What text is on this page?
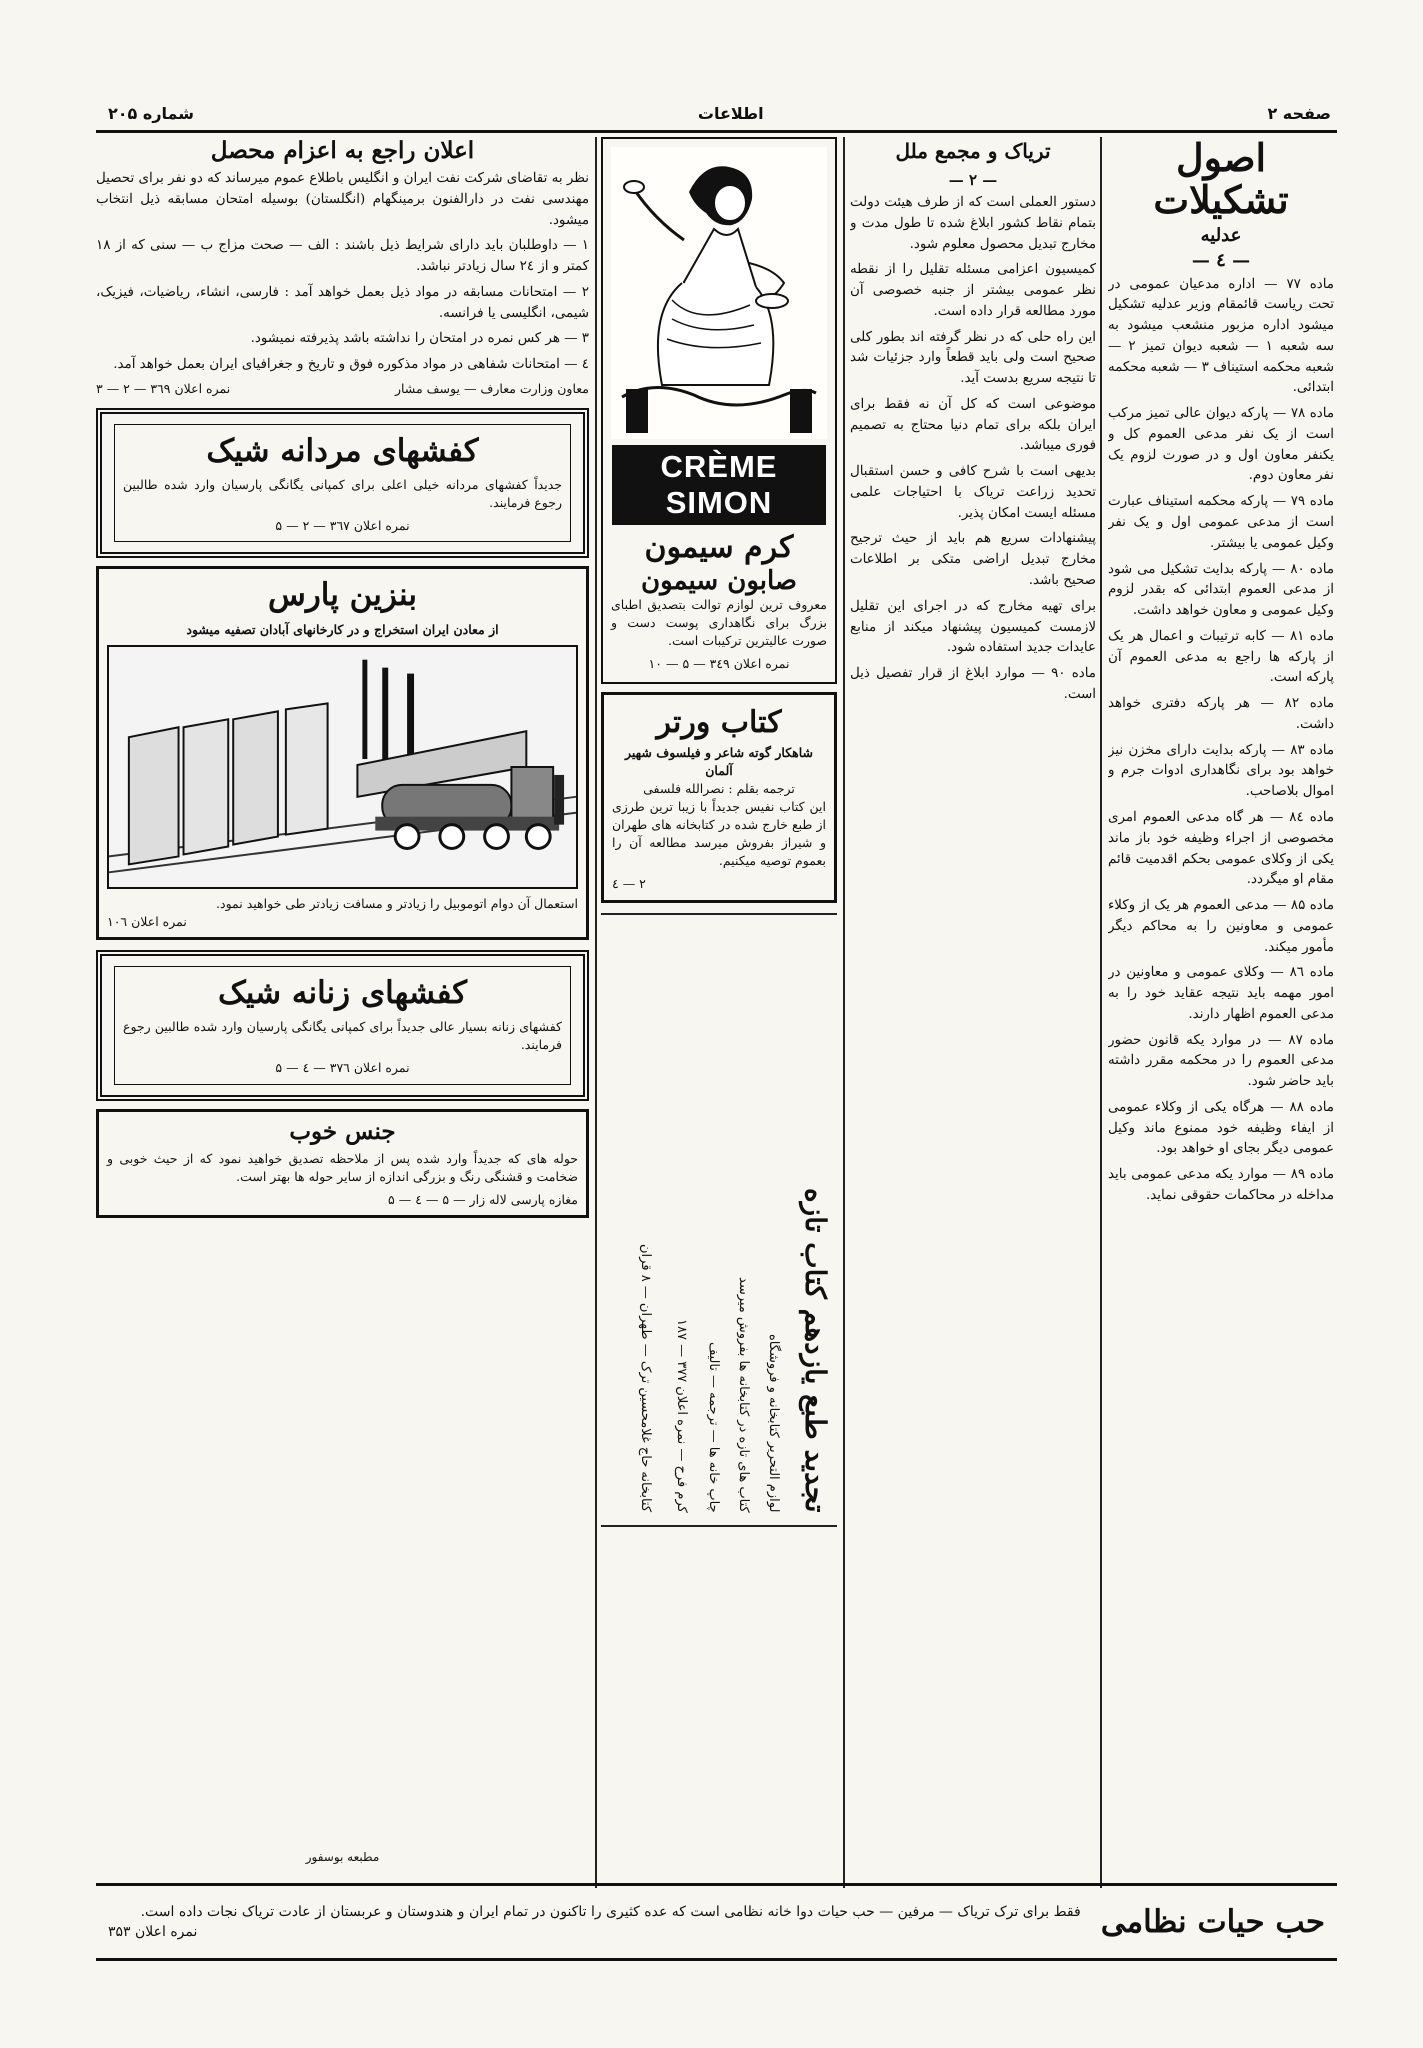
صفحه ۲
اطلاعات
شماره ۲۰۵
اصول تشکیلات
عدلیه
— ٤ —

ماده ۷۷ — اداره مدعیان عمومی در تحت ریاست قائمقام وزیر عدلیه تشکیل میشود اداره مزبور منشعب میشود به سه شعبه ۱ — شعبه دیوان تمیز ۲ — شعبه محکمه استیناف ۳ — شعبه محکمه ابتدائی.

ماده ۷۸ — پارکه دیوان عالی تمیز مرکب است از یک نفر مدعی العموم کل و یکنفر معاون اول و در صورت لزوم یک نفر معاون دوم.

ماده ۷۹ — پارکه محکمه استیناف عبارت است از مدعی عمومی اول و یک نفر وکیل عمومی یا بیشتر.

ماده ۸۰ — پارکه بدایت تشکیل می شود از مدعی العموم ابتدائی که بقدر لزوم وکیل عمومی و معاون خواهد داشت.

ماده ۸۱ — کابه ترتیبات و اعمال هر یک از پارکه ها راجع به مدعی العموم آن پارکه است.

ماده ۸۲ — هر پارکه دفتری خواهد داشت.

ماده ۸۳ — پارکه بدایت دارای مخزن نیز خواهد بود برای نگاهداری ادوات جرم و اموال بلاصاحب.

ماده ۸٤ — هر گاه مدعی العموم امری مخصوصی از اجراء وظیفه خود باز ماند یکی از وکلای عمومی بحکم اقدمیت قائم مقام او میگردد.

ماده ۸۵ — مدعی العموم هر یک از وکلاء عمومی و معاونین را به محاکم دیگر مأمور میکند.

ماده ۸٦ — وکلای عمومی و معاونین در امور مهمه باید نتیجه عقاید خود را به مدعی العموم اظهار دارند.

ماده ۸۷ — در موارد یکه قانون حضور مدعی العموم را در محکمه مقرر داشته باید حاضر شود.

ماده ۸۸ — هرگاه یکی از وکلاء عمومی از ایفاء وظیفه خود ممنوع ماند وکیل عمومی دیگر بجای او خواهد بود.

ماده ۸۹ — موارد یکه مدعی عمومی باید مداخله در محاکمات حقوقی نماید.

تریاک و مجمع ملل
— ۲ —

دستور العملی است که از طرف هیئت دولت بتمام نقاط کشور ابلاغ شده تا طول مدت و مخارج تبدیل محصول معلوم شود.

کمیسیون اعزامی مسئله تقلیل را از نقطه نظر عمومی بیشتر از جنبه خصوصی آن مورد مطالعه قرار داده است.

این راه حلی که در نظر گرفته اند بطور کلی صحیح است ولی باید قطعاً وارد جزئیات شد تا نتیجه سریع بدست آید.

موضوعی است که کل آن نه فقط برای ایران بلکه برای تمام دنیا محتاج به تصمیم فوری میباشد.

بدیهی است با شرح کافی و حسن استقبال تحدید زراعت تریاک با احتیاجات علمی مسئله ایست امکان پذیر.

پیشنهادات سریع هم باید از حیث ترجیح مخارج تبدیل اراضی متکی بر اطلاعات صحیح باشد.

برای تهیه مخارج که در اجرای این تقلیل لازمست کمیسیون پیشنهاد میکند از منابع عایدات جدید استفاده شود.

ماده ۹۰ — موارد ابلاغ از قرار تفصیل ذیل است.

CRÈME SIMON
کرم سیمون
صابون سیمون

معروف ترین لوازم توالت بتصدیق اطبای بزرگ برای نگاهداری پوست دست و صورت عالیترین ترکیبات است.

نمره اعلان ۳٤۹ — ۵ — ۱۰
کتاب ورتر
شاهکار گوته شاعر و فیلسوف شهیر آلمان
ترجمه بقلم : نصرالله فلسفی

این کتاب نفیس جدیداً با زیبا ترین طرزی از طبع خارج شده در کتابخانه های طهران و شیراز بفروش میرسد مطالعه آن را بعموم توصیه میکنیم.

۲ — ٤
تجدید طبع یازدهم کتاب تازه
لوازم التحریر کتابخانه و فروشگاه
کتاب های تازه در کتابخانه ها بفروش میرسد
چاپ خانه ها — ترجمه — تالیف
کرم فرح — نمره اعلان ۳۷۷ — ۱۸۷
کتابخانه حاج غلامحسین ترک — طهران — ۸ قران
اعلان راجع به اعزام محصل

نظر به تقاضای شرکت نفت ایران و انگلیس باطلاع عموم میرساند که دو نفر برای تحصیل مهندسی نفت در دارالفنون برمینگهام (انگلستان) بوسیله امتحان مسابقه ذیل انتخاب میشود.

۱ — داوطلبان باید دارای شرایط ذیل باشند : الف — صحت مزاج ب — سنی که از ۱۸ کمتر و از ۲٤ سال زیادتر نباشد.

۲ — امتحانات مسابقه در مواد ذیل بعمل خواهد آمد : فارسی، انشاء، ریاضیات، فیزیک، شیمی، انگلیسی یا فرانسه.

۳ — هر کس نمره در امتحان را نداشته باشد پذیرفته نمیشود.

٤ — امتحانات شفاهی در مواد مذکوره فوق و تاریخ و جغرافیای ایران بعمل خواهد آمد.

معاون وزارت معارف — یوسف مشار
نمره اعلان ۳٦۹ — ۲ — ۳
کفشهای مردانه شیک

جدیداً کفشهای مردانه خیلی اعلی برای کمپانی یگانگی پارسیان وارد شده طالبین رجوع فرمایند.

نمره اعلان ۳٦۷ — ۲ — ۵
بنزین پارس
از معادن ایران استخراج و در کارخانهای آبادان تصفیه میشود
استعمال آن دوام اتوموبیل را زیادتر و مسافت زیادتر طی خواهید نمود.
نمره اعلان ۱۰٦
کفشهای زنانه شیک

کفشهای زنانه بسیار عالی جدیداً برای کمپانی یگانگی پارسیان وارد شده طالبین رجوع فرمایند.

نمره اعلان ۳۷٦ — ٤ — ۵
جنس خوب

حوله های که جدیداً وارد شده پس از ملاحظه تصدیق خواهید نمود که از حیث خوبی و ضخامت و قشنگی رنگ و بزرگی اندازه از سایر حوله ها بهتر است.

مغازه پارسی لاله زار — ۵ — ٤ — ۵
مطبعه بوسفور
حب حیات نظامی
فقط برای ترک تریاک — مرفین — حب حیات دوا خانه نظامی است که عده کثیری را تاکنون در تمام ایران و هندوستان و عربستان از عادت تریاک نجات داده است.
نمره اعلان ۳۵۳
